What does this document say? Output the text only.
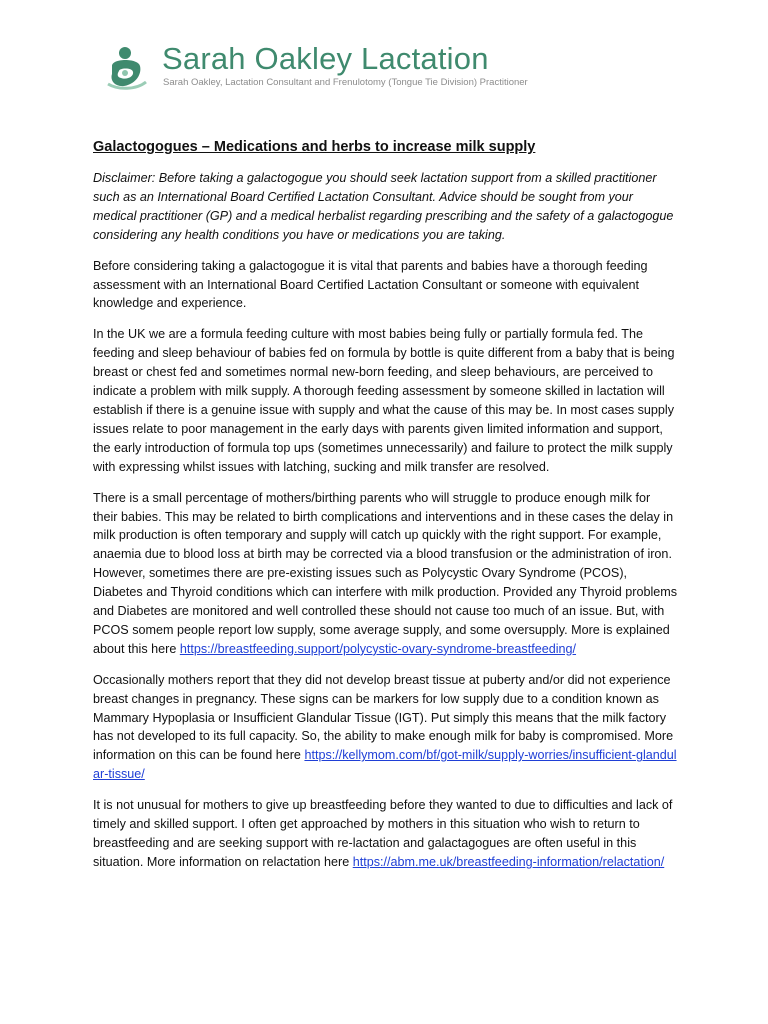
Sarah Oakley Lactation
Sarah Oakley, Lactation Consultant and Frenulotomy (Tongue Tie Division) Practitioner
Galactogogues – Medications and herbs to increase milk supply

Disclaimer: Before taking a galactogogue you should seek lactation support from a skilled practitioner such as an International Board Certified Lactation Consultant. Advice should be sought from your medical practitioner (GP) and a medical herbalist regarding prescribing and the safety of a galactogogue considering any health conditions you have or medications you are taking.

Before considering taking a galactogogue it is vital that parents and babies have a thorough feeding assessment with an International Board Certified Lactation Consultant or someone with equivalent knowledge and experience.

In the UK we are a formula feeding culture with most babies being fully or partially formula fed. The feeding and sleep behaviour of babies fed on formula by bottle is quite different from a baby that is being breast or chest fed and sometimes normal new-born feeding, and sleep behaviours, are perceived to indicate a problem with milk supply. A thorough feeding assessment by someone skilled in lactation will establish if there is a genuine issue with supply and what the cause of this may be. In most cases supply issues relate to poor management in the early days with parents given limited information and support, the early introduction of formula top ups (sometimes unnecessarily) and failure to protect the milk supply with expressing whilst issues with latching, sucking and milk transfer are resolved.

There is a small percentage of mothers/birthing parents who will struggle to produce enough milk for their babies. This may be related to birth complications and interventions and in these cases the delay in milk production is often temporary and supply will catch up quickly with the right support. For example, anaemia due to blood loss at birth may be corrected via a blood transfusion or the administration of iron. However, sometimes there are pre-existing issues such as Polycystic Ovary Syndrome (PCOS), Diabetes and Thyroid conditions which can interfere with milk production. Provided any Thyroid problems and Diabetes are monitored and well controlled these should not cause too much of an issue. But, with PCOS somem people report low supply, some average supply, and some oversupply. More is explained about this here https://breastfeeding.support/polycystic-ovary-syndrome-breastfeeding/

Occasionally mothers report that they did not develop breast tissue at puberty and/or did not experience breast changes in pregnancy. These signs can be markers for low supply due to a condition known as Mammary Hypoplasia or Insufficient Glandular Tissue (IGT). Put simply this means that the milk factory has not developed to its full capacity. So, the ability to make enough milk for baby is compromised. More information on this can be found here https://kellymom.com/bf/got-milk/supply-worries/insufficient-glandular-tissue/

It is not unusual for mothers to give up breastfeeding before they wanted to due to difficulties and lack of timely and skilled support. I often get approached by mothers in this situation who wish to return to breastfeeding and are seeking support with re-lactation and galactagogues are often useful in this situation. More information on relactation here https://abm.me.uk/breastfeeding-information/relactation/
